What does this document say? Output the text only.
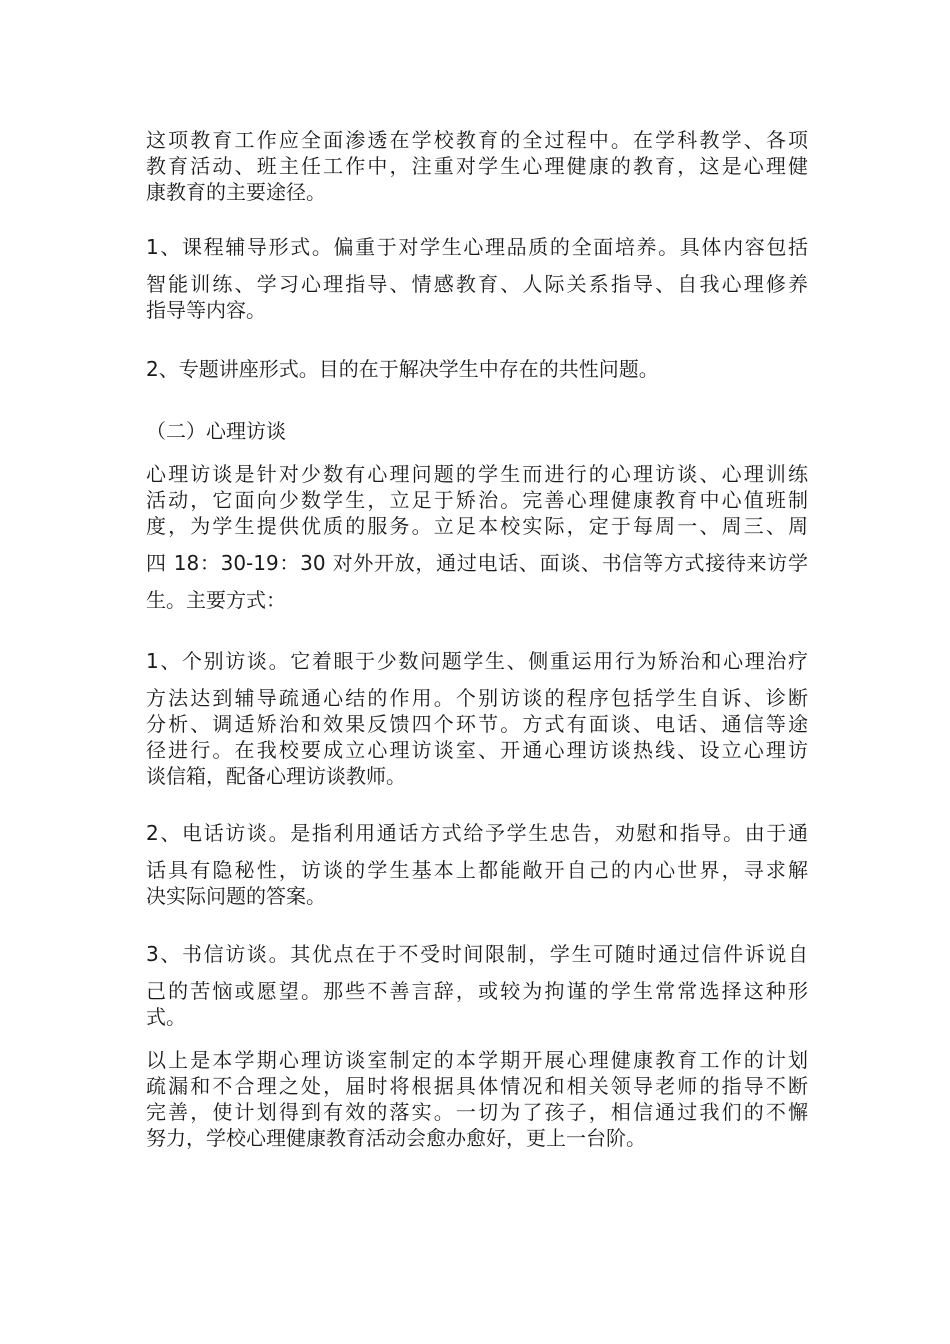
这项教育工作应全面渗透在学校教育的全过程中。在学科教学、各项
教育活动、班主任工作中，注重对学生心理健康的教育，这是心理健
康教育的主要途径。
1、课程辅导形式。偏重于对学生心理品质的全面培养。具体内容包括
智能训练、学习心理指导、情感教育、人际关系指导、自我心理修养
指导等内容。
2、专题讲座形式。目的在于解决学生中存在的共性问题。
（二）心理访谈
心理访谈是针对少数有心理问题的学生而进行的心理访谈、心理训练
活动，它面向少数学生，立足于矫治。完善心理健康教育中心值班制
度，为学生提供优质的服务。立足本校实际，定于每周一、周三、周
四 18：30-19：30 对外开放，通过电话、面谈、书信等方式接待来访学
生。主要方式：
1、个别访谈。它着眼于少数问题学生、侧重运用行为矫治和心理治疗
方法达到辅导疏通心结的作用。个别访谈的程序包括学生自诉、诊断
分析、调适矫治和效果反馈四个环节。方式有面谈、电话、通信等途
径进行。在我校要成立心理访谈室、开通心理访谈热线、设立心理访
谈信箱，配备心理访谈教师。
2、电话访谈。是指利用通话方式给予学生忠告，劝慰和指导。由于通
话具有隐秘性，访谈的学生基本上都能敞开自己的内心世界，寻求解
决实际问题的答案。
3、书信访谈。其优点在于不受时间限制，学生可随时通过信件诉说自
己的苦恼或愿望。那些不善言辞，或较为拘谨的学生常常选择这种形
式。
以上是本学期心理访谈室制定的本学期开展心理健康教育工作的计划
疏漏和不合理之处，届时将根据具体情况和相关领导老师的指导不断
完善，使计划得到有效的落实。一切为了孩子，相信通过我们的不懈
努力，学校心理健康教育活动会愈办愈好，更上一台阶。
